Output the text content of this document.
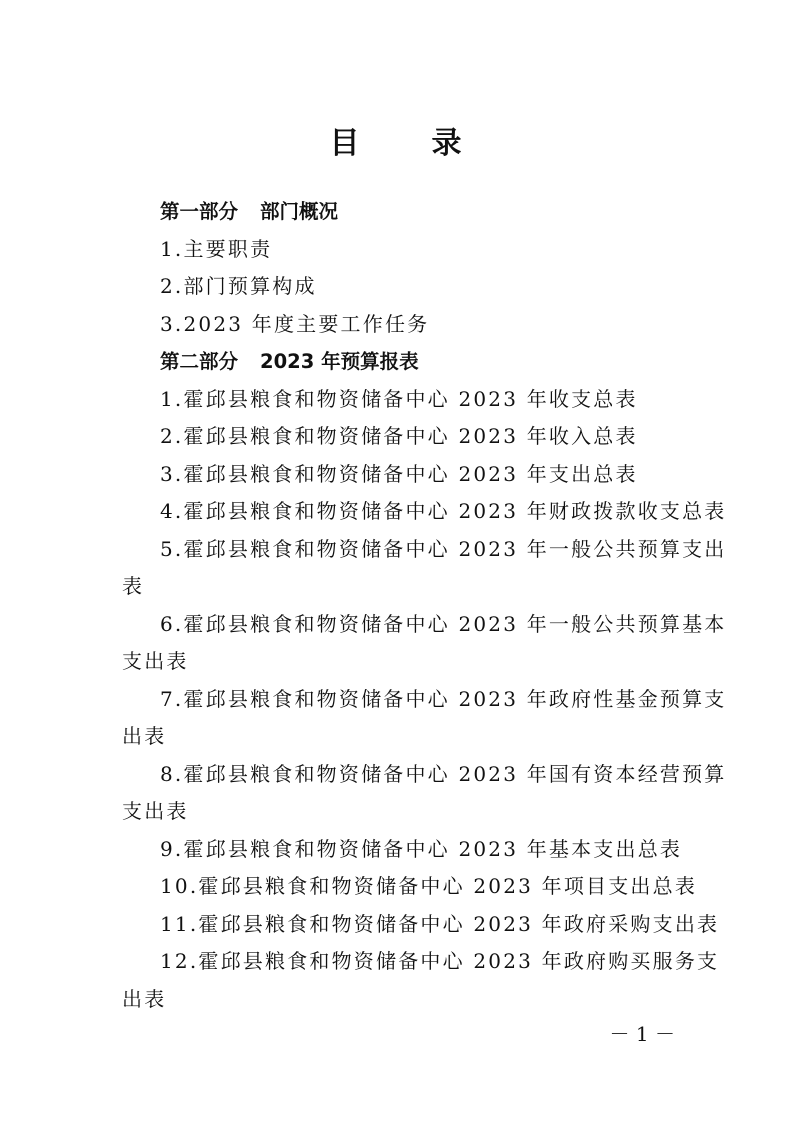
目 录

第一部分 部门概况

1.主要职责

2.部门预算构成

3.2023 年度主要工作任务

第二部分 2023 年预算报表

1.霍邱县粮食和物资储备中心 2023 年收支总表

2.霍邱县粮食和物资储备中心 2023 年收入总表

3.霍邱县粮食和物资储备中心 2023 年支出总表

4.霍邱县粮食和物资储备中心 2023 年财政拨款收支总表

5.霍邱县粮食和物资储备中心 2023 年一般公共预算支出

表

6.霍邱县粮食和物资储备中心 2023 年一般公共预算基本

支出表

7.霍邱县粮食和物资储备中心 2023 年政府性基金预算支

出表

8.霍邱县粮食和物资储备中心 2023 年国有资本经营预算

支出表

9.霍邱县粮食和物资储备中心 2023 年基本支出总表

10.霍邱县粮食和物资储备中心 2023 年项目支出总表

11.霍邱县粮食和物资储备中心 2023 年政府采购支出表

12.霍邱县粮食和物资储备中心 2023 年政府购买服务支

出表

－ 1 －
